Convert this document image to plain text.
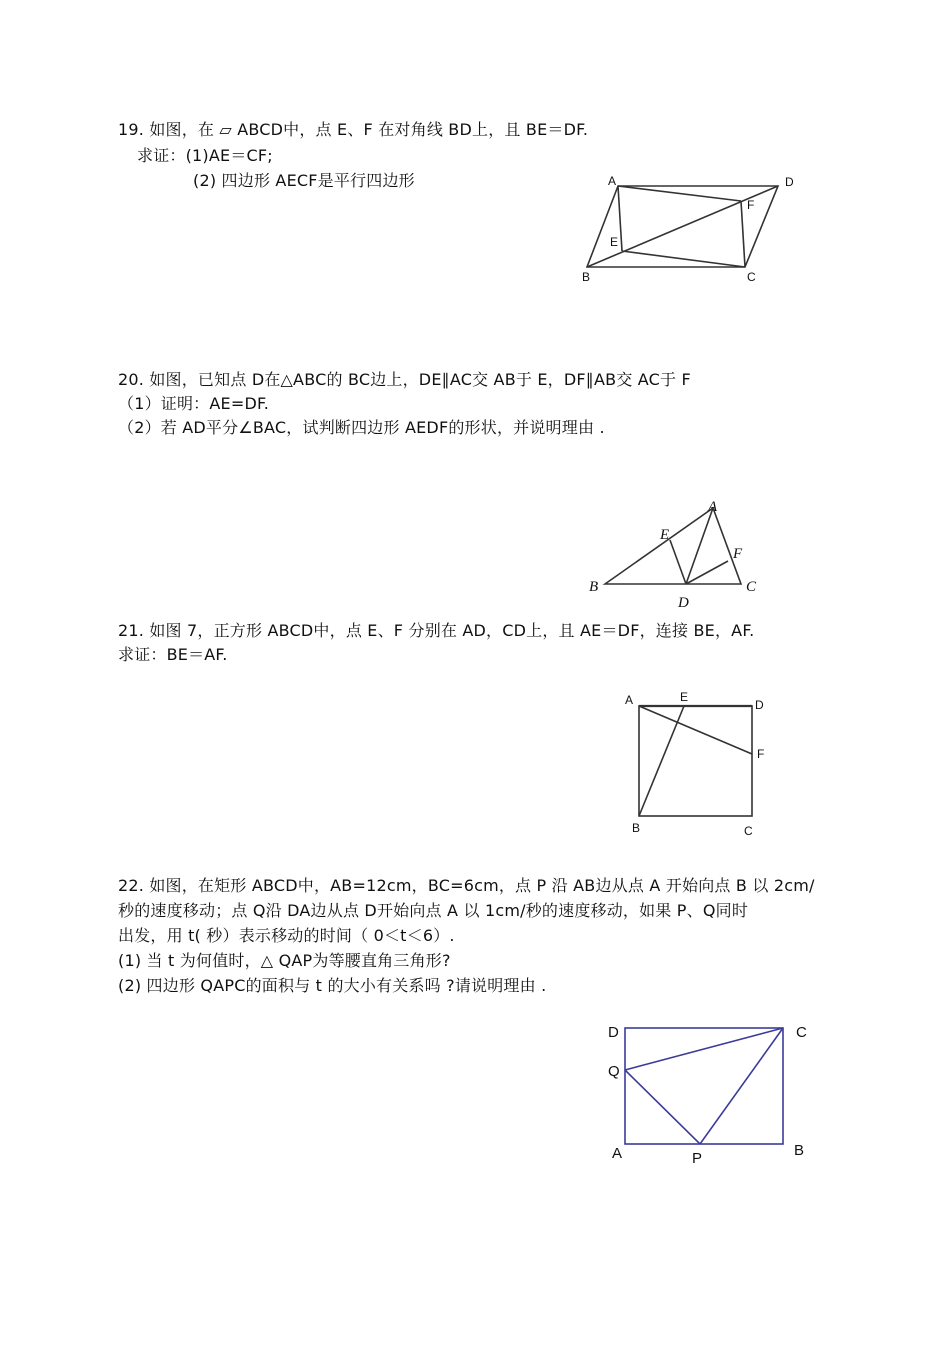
19. 如图，在 ▱ ABCD中，点 E、F 在对角线 BD上，且 BE＝DF.
求证：(1)AE＝CF;
(2) 四边形 AECF是平行四边形	A	D
F
E
B	C
20. 如图，已知点 D在△ABC的 BC边上，DE∥AC交 AB于 E，DF∥AB交 AC于 F
（1）证明：AE=DF.
（2）若 AD平分∠BAC，试判断四边形 AEDF的形状，并说明理由 .
A
E
F
B	C
D
21. 如图 7，正方形 ABCD中，点 E、F 分别在 AD，CD上，且 AE＝DF，连接 BE，AF.
求证：BE＝AF.
A	E
D
F
B	C
22. 如图，在矩形 ABCD中，AB=12cm，BC=6cm，点 P 沿 AB边从点 A 开始向点 B 以 2cm/
秒的速度移动；点 Q沿 DA边从点 D开始向点 A 以 1cm/秒的速度移动，如果 P、Q同时
出发，用 t( 秒）表示移动的时间（ 0＜t＜6）.
(1) 当 t 为何值时，△ QAP为等腰直角三角形?
(2) 四边形 QAPC的面积与 t 的大小有关系吗 ?请说明理由 .
D	C
Q
A	B
P
